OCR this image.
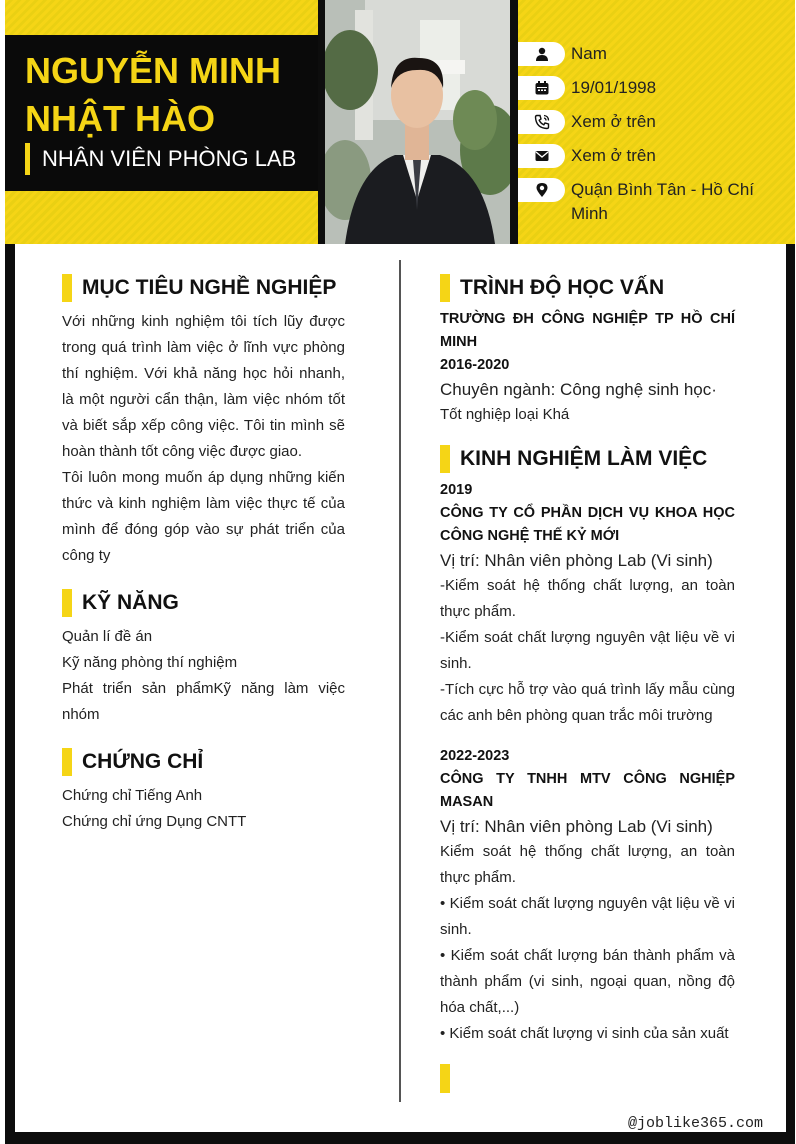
NGUYỄN MINH
NHẬT HÀO
NHÂN VIÊN PHÒNG LAB
Nam
19/01/1998
Xem ở trên
Xem ở trên
Quận Bình Tân - Hồ Chí Minh
MỤC TIÊU NGHỀ NGHIỆP

Với những kinh nghiệm tôi tích lũy được trong quá trình làm việc ở lĩnh vực phòng thí nghiệm. Với khả năng học hỏi nhanh, là một người cẩn thận, làm việc nhóm tốt và biết sắp xếp công việc. Tôi tin mình sẽ hoàn thành tốt công việc được giao.

Tôi luôn mong muốn áp dụng những kiến thức và kinh nghiệm làm việc thực tế của mình để đóng góp vào sự phát triển của công ty

KỸ NĂNG
Quản lí đề án
Kỹ năng phòng thí nghiệm
Phát triển sản phẩmKỹ năng làm việc nhóm
CHỨNG CHỈ
Chứng chỉ Tiếng Anh
Chứng chỉ ứng Dụng CNTT
TRÌNH ĐỘ HỌC VẤN
TRƯỜNG ĐH CÔNG NGHIỆP TP HỒ CHÍ MINH
2016-2020
Chuyên ngành: Công nghệ sinh học·
Tốt nghiệp loại Khá
KINH NGHIỆM LÀM VIỆC
2019
CÔNG TY CỔ PHẦN DỊCH VỤ KHOA HỌC CÔNG NGHỆ THẾ KỶ MỚI
Vị trí: Nhân viên phòng Lab (Vi sinh)
-Kiểm soát hệ thống chất lượng, an toàn thực phẩm.
-Kiểm soát chất lượng nguyên vật liệu về vi sinh.
-Tích cực hỗ trợ vào quá trình lấy mẫu cùng các anh bên phòng quan trắc môi trường
2022-2023
CÔNG TY TNHH MTV CÔNG NGHIỆP MASAN
Vị trí: Nhân viên phòng Lab (Vi sinh)
Kiểm soát hệ thống chất lượng, an toàn thực phẩm.
• Kiểm soát chất lượng nguyên vật liệu về vi sinh.
• Kiểm soát chất lượng bán thành phẩm và thành phẩm (vi sinh, ngoại quan, nồng độ hóa chất,...)
• Kiểm soát chất lượng vi sinh của sản xuất
@joblike365.com
